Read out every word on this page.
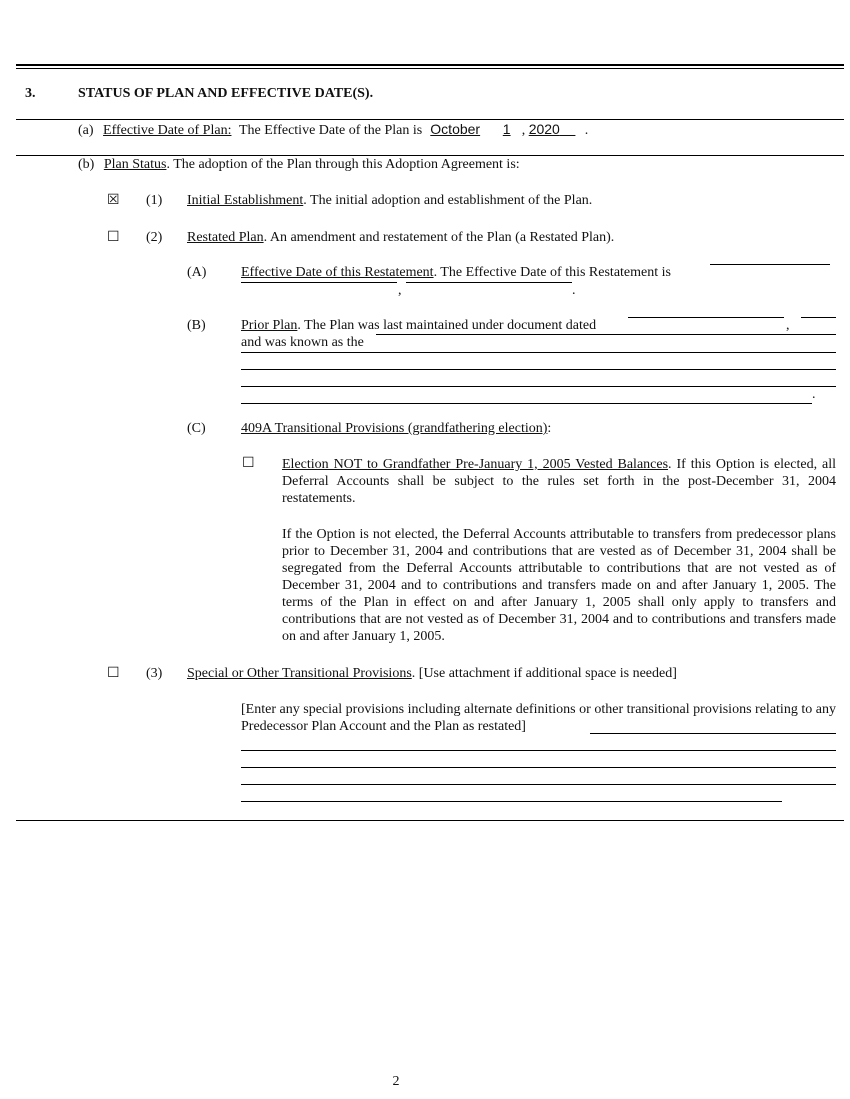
3.	STATUS OF PLAN AND EFFECTIVE DATE(S).
(a) Effective Date of Plan: The Effective Date of the Plan is October 1 , 2020 .
(b) Plan Status. The adoption of the Plan through this Adoption Agreement is:
☒ (1) Initial Establishment. The initial adoption and establishment of the Plan.
☐ (2) Restated Plan. An amendment and restatement of the Plan (a Restated Plan).
(A) Effective Date of this Restatement. The Effective Date of this Restatement is
,	.
(B)	Prior Plan. The Plan was last maintained under document dated	,
and was known as the
.
(C)	409A Transitional Provisions (grandfathering election):
☐ Election NOT to Grandfather Pre-January 1, 2005 Vested Balances. If this Option is elected, all Deferral Accounts shall be subject to the rules set forth in the post-December 31, 2004 restatements.
If the Option is not elected, the Deferral Accounts attributable to transfers from predecessor plans prior to December 31, 2004 and contributions that are vested as of December 31, 2004 shall be segregated from the Deferral Accounts attributable to contributions that are not vested as of December 31, 2004 and to contributions and transfers made on and after January 1, 2005. The terms of the Plan in effect on and after January 1, 2005 shall only apply to transfers and contributions that are not vested as of December 31, 2004 and to contributions and transfers made on and after January 1, 2005.
☐ (3) Special or Other Transitional Provisions. [Use attachment if additional space is needed]
[Enter any special provisions including alternate definitions or other transitional provisions relating to any Predecessor Plan Account and the Plan as restated]
2
